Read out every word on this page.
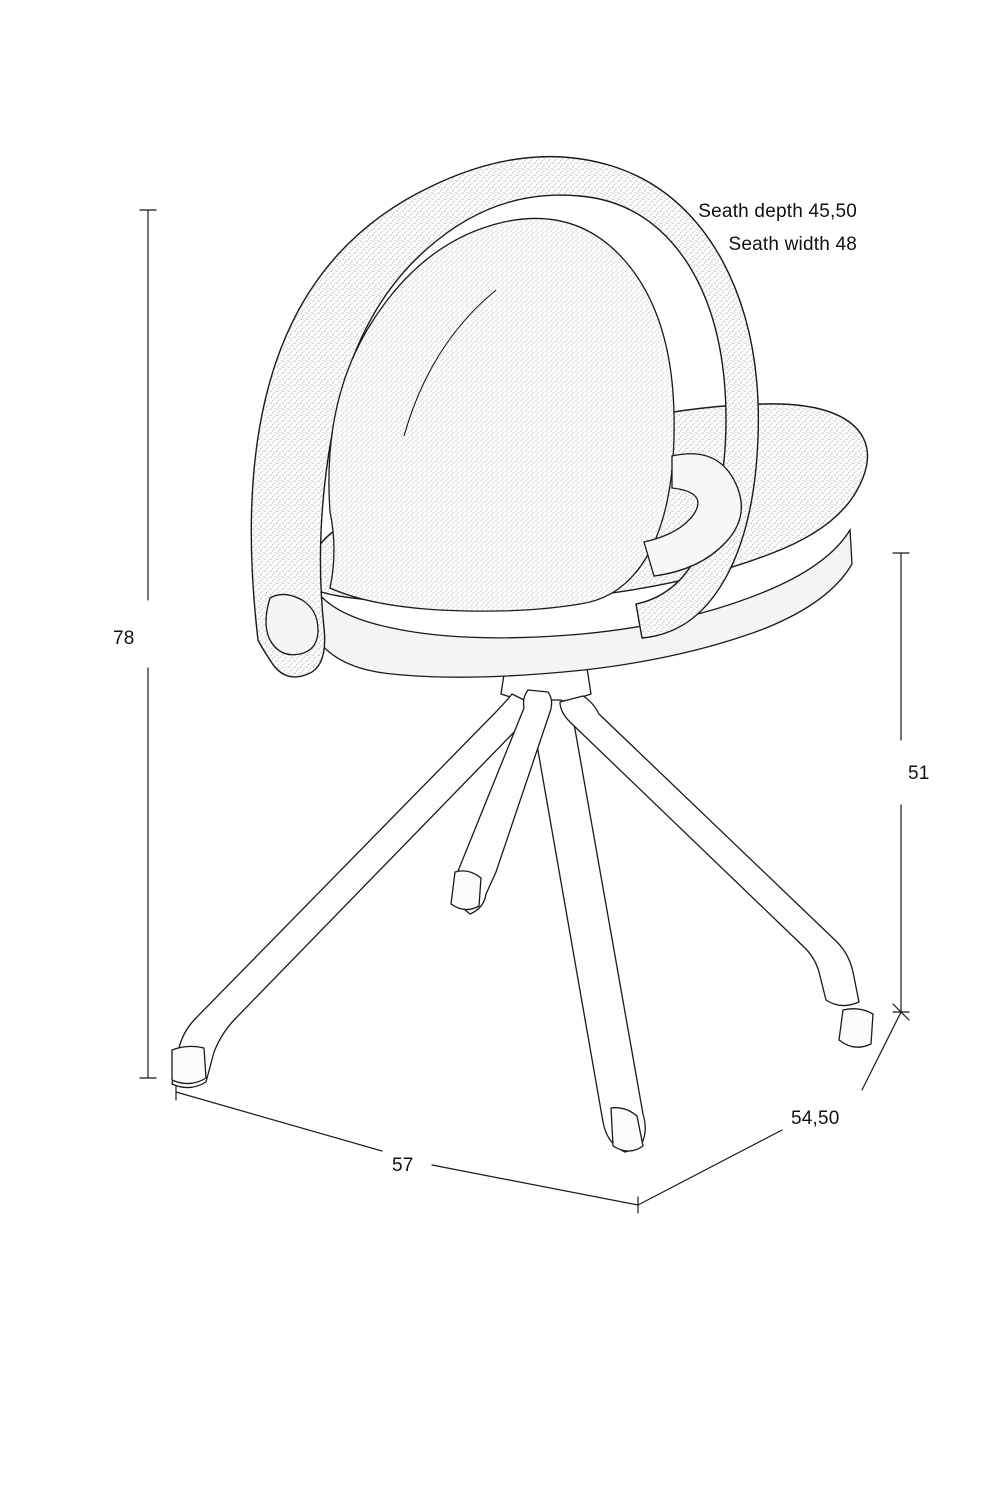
78
51
57
54,50
Seath depth 45,50
Seath width 48
